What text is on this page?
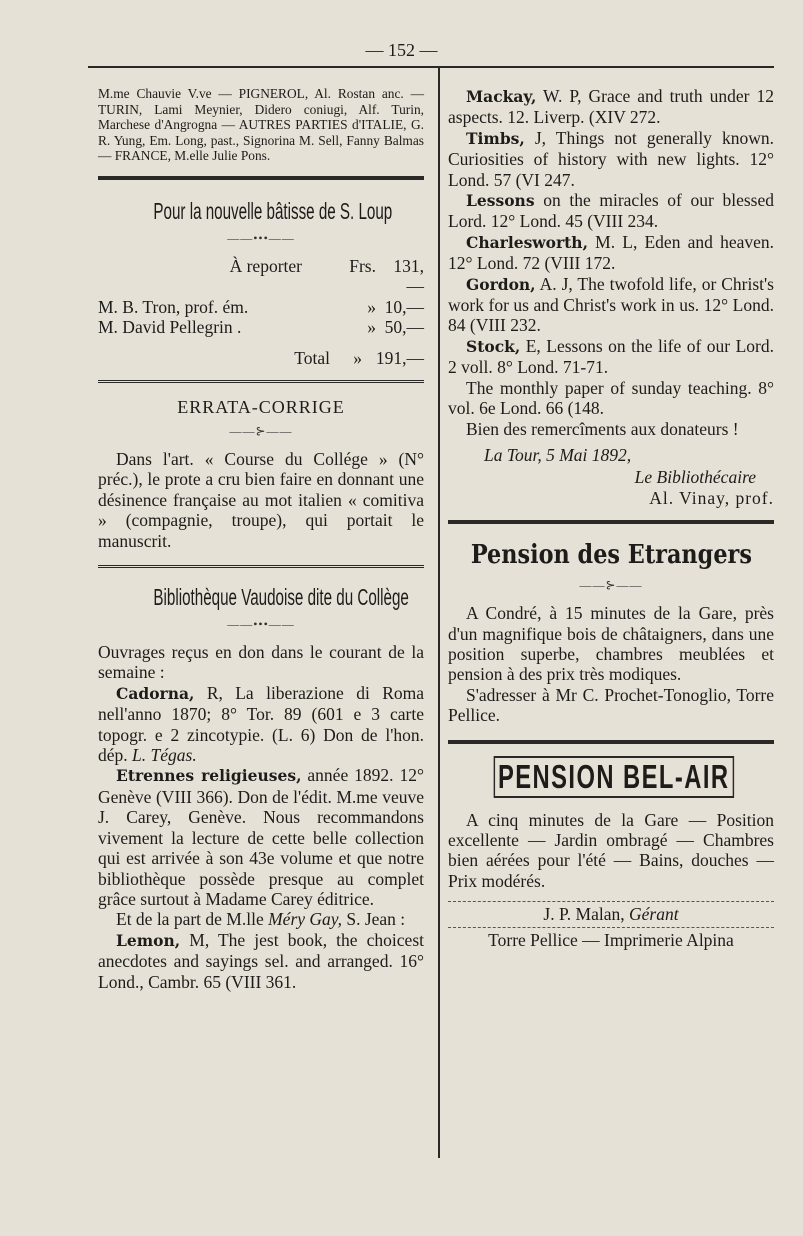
— 152 —

M.me Chauvie V.ve — PIGNEROL, Al. Rostan anc. — TURIN, Lami Meynier, Didero coniugi, Alf. Turin, Marchese d'Angrogna — AUTRES PARTIES d'ITALIE, G. R. Yung, Em. Long, past., Signorina M. Sell, Fanny Balmas — FRANCE, M.elle Julie Pons.

Pour la nouvelle bâtisse de S. Loup

——•••——
À reporter	Frs. 131,—
M. B. Tron, prof. ém.	» 10,—
M. David Pellegrin .	» 50,—
Total	» 191,—

ERRATA-CORRIGE

——⊱——

Dans l'art. « Course du Collége » (N° préc.), le prote a cru bien faire en donnant une désinence française au mot italien « comitiva » (compagnie, troupe), qui portait le manuscrit.

Bibliothèque Vaudoise dite du Collège

——•••——

Ouvrages reçus en don dans le courant de la semaine :

Cadorna, R, La liberazione di Roma nell'anno 1870; 8° Tor. 89 (601 e 3 carte topogr. e 2 zincotypie. (L. 6) Don de l'hon. dép. L. Tégas.

Etrennes religieuses, année 1892. 12° Genève (VIII 366). Don de l'édit. M.me veuve J. Carey, Genève. Nous recommandons vivement la lecture de cette belle collection qui est arrivée à son 43e volume et que notre bibliothèque possède presque au complet grâce surtout à Madame Carey éditrice.

Et de la part de M.lle Méry Gay, S. Jean :

Lemon, M, The jest book, the choicest anecdotes and sayings sel. and arranged. 16° Lond., Cambr. 65 (VIII 361.

Mackay, W. P, Grace and truth under 12 aspects. 12. Liverp. (XIV 272.

Timbs, J, Things not generally known. Curiosities of history with new lights. 12° Lond. 57 (VI 247.

Lessons on the miracles of our blessed Lord. 12° Lond. 45 (VIII 234.

Charlesworth, M. L, Eden and heaven. 12° Lond. 72 (VIII 172.

Gordon, A. J, The twofold life, or Christ's work for us and Christ's work in us. 12° Lond. 84 (VIII 232.

Stock, E, Lessons on the life of our Lord. 2 voll. 8° Lond. 71-71.

The monthly paper of sunday teaching. 8° vol. 6e Lond. 66 (148.

Bien des remercîments aux donateurs !

La Tour, 5 Mai 1892,

Le Bibliothécaire

Al. Vinay, prof.

Pension des Etrangers

——⊱——

A Condré, à 15 minutes de la Gare, près d'un magnifique bois de châtaigners, dans une position superbe, chambres meublées et pension à des prix très modiques.

S'adresser à Mr C. Prochet-Tonoglio, Torre Pellice.

PENSION BEL-AIR

A cinq minutes de la Gare — Position excellente — Jardin ombragé — Chambres bien aérées pour l'été — Bains, douches — Prix modérés.

J. P. Malan, Gérant

Torre Pellice — Imprimerie Alpina
